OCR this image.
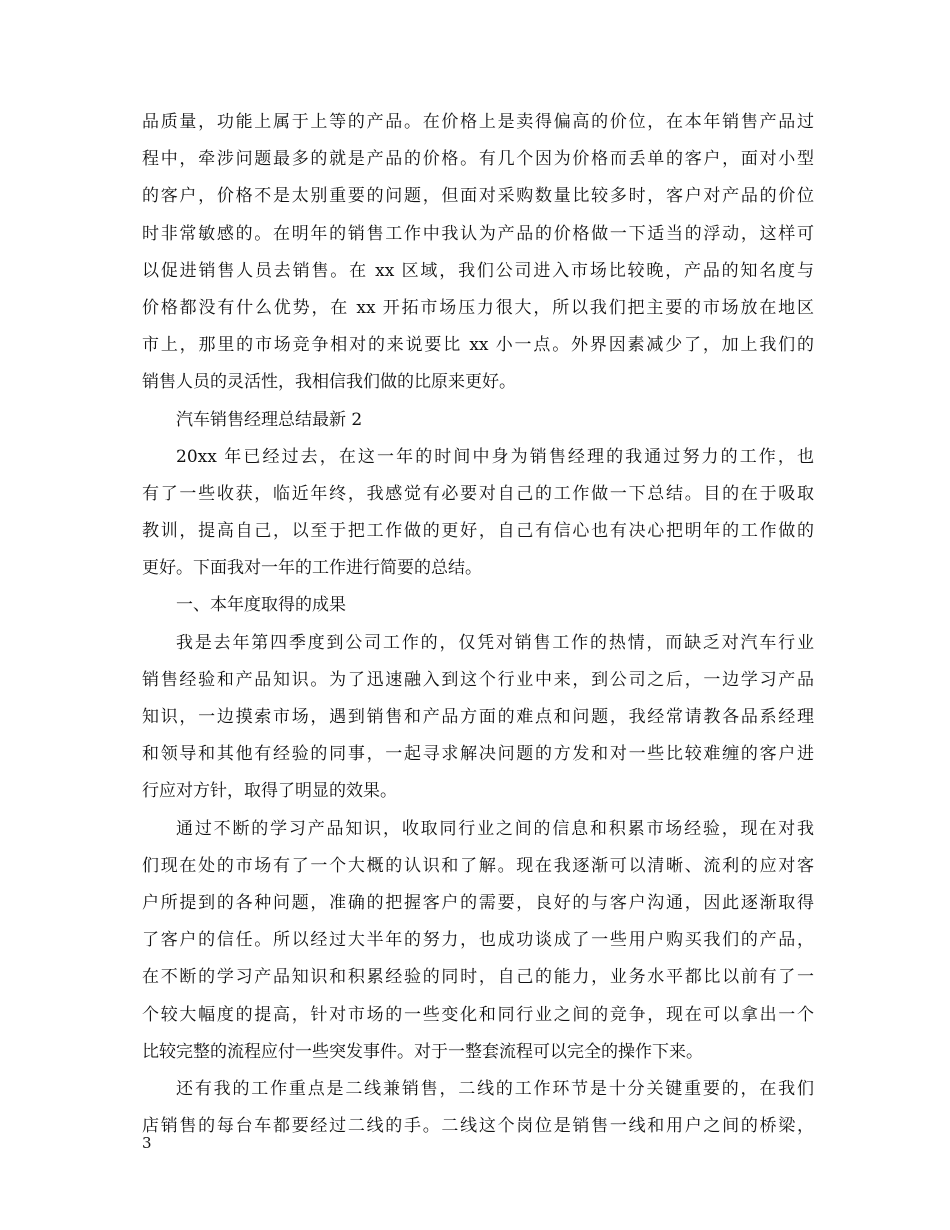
品质量，功能上属于上等的产品。在价格上是卖得偏高的价位，在本年销售产品过
程中，牵涉问题最多的就是产品的价格。有几个因为价格而丢单的客户，面对小型
的客户，价格不是太别重要的问题，但面对采购数量比较多时，客户对产品的价位
时非常敏感的。在明年的销售工作中我认为产品的价格做一下适当的浮动，这样可
以促进销售人员去销售。在 xx 区域，我们公司进入市场比较晚，产品的知名度与
价格都没有什么优势，在 xx 开拓市场压力很大，所以我们把主要的市场放在地区
市上，那里的市场竞争相对的来说要比 xx 小一点。外界因素减少了，加上我们的
销售人员的灵活性，我相信我们做的比原来更好。
汽车销售经理总结最新 2
20xx 年已经过去，在这一年的时间中身为销售经理的我通过努力的工作，也
有了一些收获，临近年终，我感觉有必要对自己的工作做一下总结。目的在于吸取
教训，提高自己，以至于把工作做的更好，自己有信心也有决心把明年的工作做的
更好。下面我对一年的工作进行简要的总结。
一、本年度取得的成果
我是去年第四季度到公司工作的，仅凭对销售工作的热情，而缺乏对汽车行业
销售经验和产品知识。为了迅速融入到这个行业中来，到公司之后，一边学习产品
知识，一边摸索市场，遇到销售和产品方面的难点和问题，我经常请教各品系经理
和领导和其他有经验的同事，一起寻求解决问题的方发和对一些比较难缠的客户进
行应对方针，取得了明显的效果。
通过不断的学习产品知识，收取同行业之间的信息和积累市场经验，现在对我
们现在处的市场有了一个大概的认识和了解。现在我逐渐可以清晰、流利的应对客
户所提到的各种问题，准确的把握客户的需要，良好的与客户沟通，因此逐渐取得
了客户的信任。所以经过大半年的努力，也成功谈成了一些用户购买我们的产品，
在不断的学习产品知识和积累经验的同时，自己的能力，业务水平都比以前有了一
个较大幅度的提高，针对市场的一些变化和同行业之间的竞争，现在可以拿出一个
比较完整的流程应付一些突发事件。对于一整套流程可以完全的操作下来。
还有我的工作重点是二线兼销售，二线的工作环节是十分关键重要的，在我们
店销售的每台车都要经过二线的手。二线这个岗位是销售一线和用户之间的桥梁，
3
